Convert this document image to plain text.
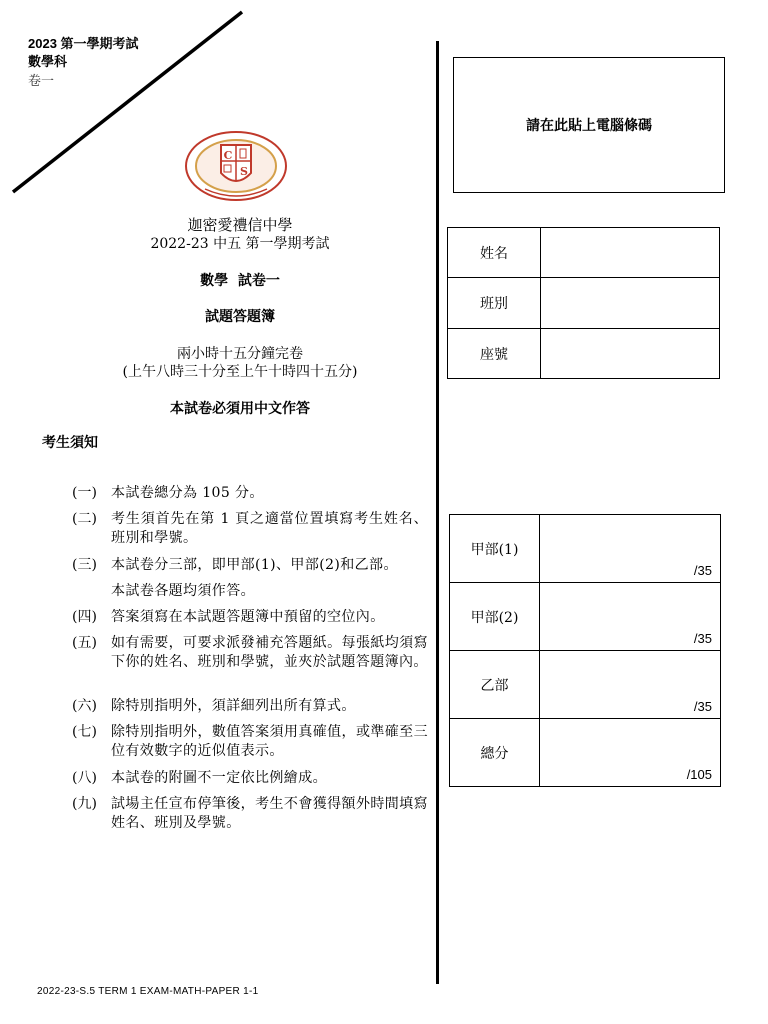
2023 第一學期考試
數學科
卷一
C
S
迦密愛禮信中學
2022-23 中五 第一學期考試
數學  試卷一
試題答題簿
兩小時十五分鐘完卷
(上午八時三十分至上午十時四十五分)
本試卷必須用中文作答
考生須知
(一) 本試卷總分為 105 分。
(二) 考生須首先在第 1 頁之適當位置填寫考生姓名、班別和學號。
(三) 本試卷分三部，即甲部(1)、甲部(2)和乙部。
本試卷各題均須作答。
(四) 答案須寫在本試題答題簿中預留的空位內。
(五) 如有需要，可要求派發補充答題紙。每張紙均須寫下你的姓名、班別和學號，並夾於試題答題簿內。
(六) 除特別指明外，須詳細列出所有算式。
(七) 除特別指明外，數值答案須用真確值，或準確至三位有效數字的近似值表示。
(八) 本試卷的附圖不一定依比例繪成。
(九) 試場主任宣布停筆後，考生不會獲得額外時間填寫姓名、班別及學號。
請在此貼上電腦條碼
姓名	
班別	
座號	
甲部(1)	/35

甲部(2)	/35

乙部	/35

總分	/105
2022-23-S.5 TERM 1 EXAM-MATH-PAPER 1-1
